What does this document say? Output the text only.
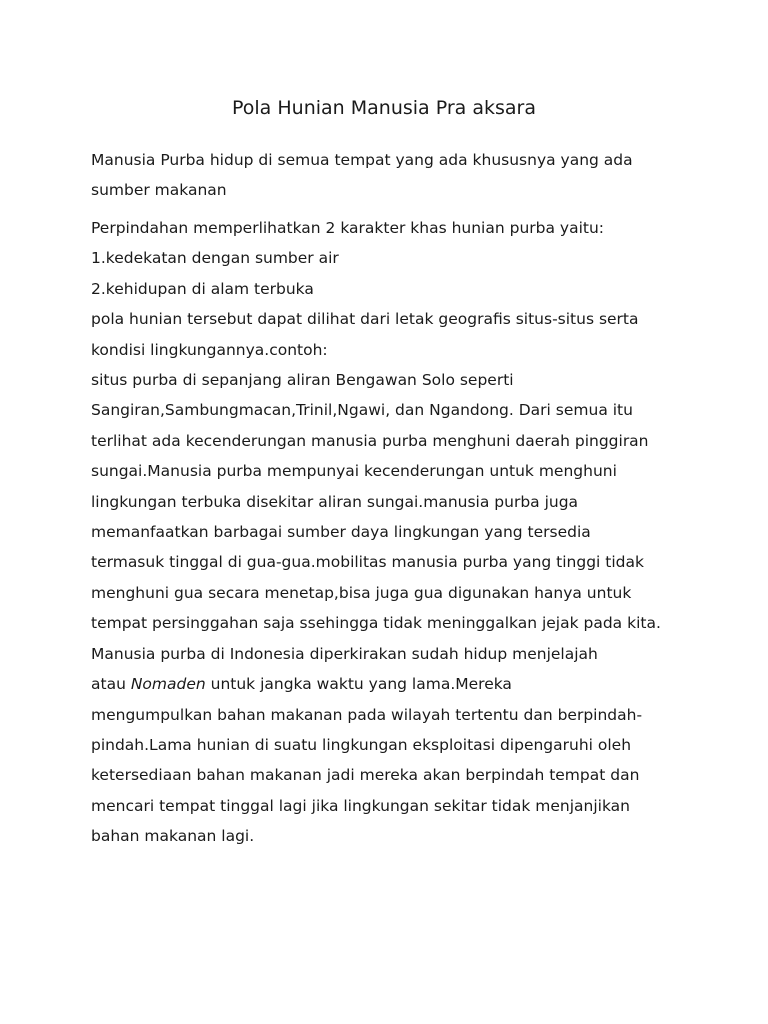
Pola Hunian Manusia Pra aksara

Manusia Purba hidup di semua tempat yang ada khususnya yang ada
sumber makanan

Perpindahan memperlihatkan 2 karakter khas hunian purba yaitu:
1.kedekatan dengan sumber air
2.kehidupan di alam terbuka
pola hunian tersebut dapat dilihat dari letak geografis situs-situs serta
kondisi lingkungannya.contoh:
situs purba di sepanjang aliran Bengawan Solo seperti
Sangiran,Sambungmacan,Trinil,Ngawi, dan Ngandong. Dari semua itu
terlihat ada kecenderungan manusia purba menghuni daerah pinggiran
sungai.Manusia purba mempunyai kecenderungan untuk menghuni
lingkungan terbuka disekitar aliran sungai.manusia purba juga
memanfaatkan barbagai sumber daya lingkungan yang tersedia
termasuk tinggal di gua-gua.mobilitas manusia purba yang tinggi tidak
menghuni gua secara menetap,bisa juga gua digunakan hanya untuk
tempat persinggahan saja ssehingga tidak meninggalkan jejak pada kita.
Manusia purba di Indonesia diperkirakan sudah hidup menjelajah
atau Nomaden untuk jangka waktu yang lama.Mereka
mengumpulkan bahan makanan pada wilayah tertentu dan berpindah-
pindah.Lama hunian di suatu lingkungan eksploitasi dipengaruhi oleh
ketersediaan bahan makanan jadi mereka akan berpindah tempat dan
mencari tempat tinggal lagi jika lingkungan sekitar tidak menjanjikan
bahan makanan lagi.
